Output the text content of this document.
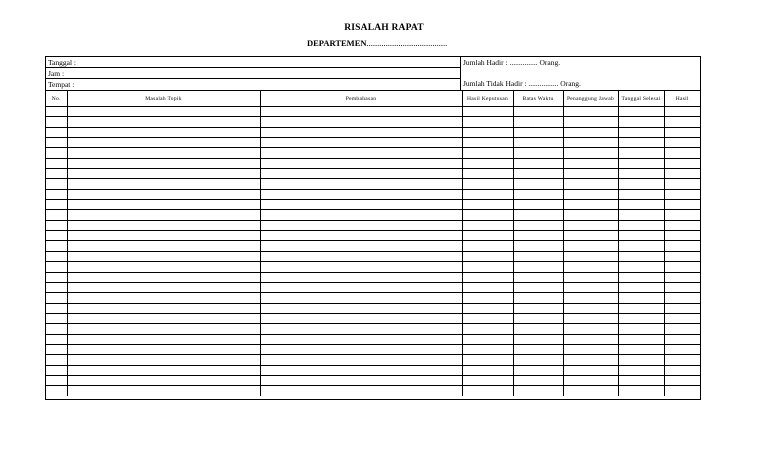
RISALAH RAPAT
DEPARTEMEN......................................
Tanggal :
Jam :
Tempat :
Jumlah Hadir : ............... Orang.
Jumlah Tidak Hadir : ................ Orang.
No.	Masalah Topik	Pembahasan	Hasil Keputusan	Batas Waktu	Penanggung Jawab	Tanggal Selesai	Hasil
